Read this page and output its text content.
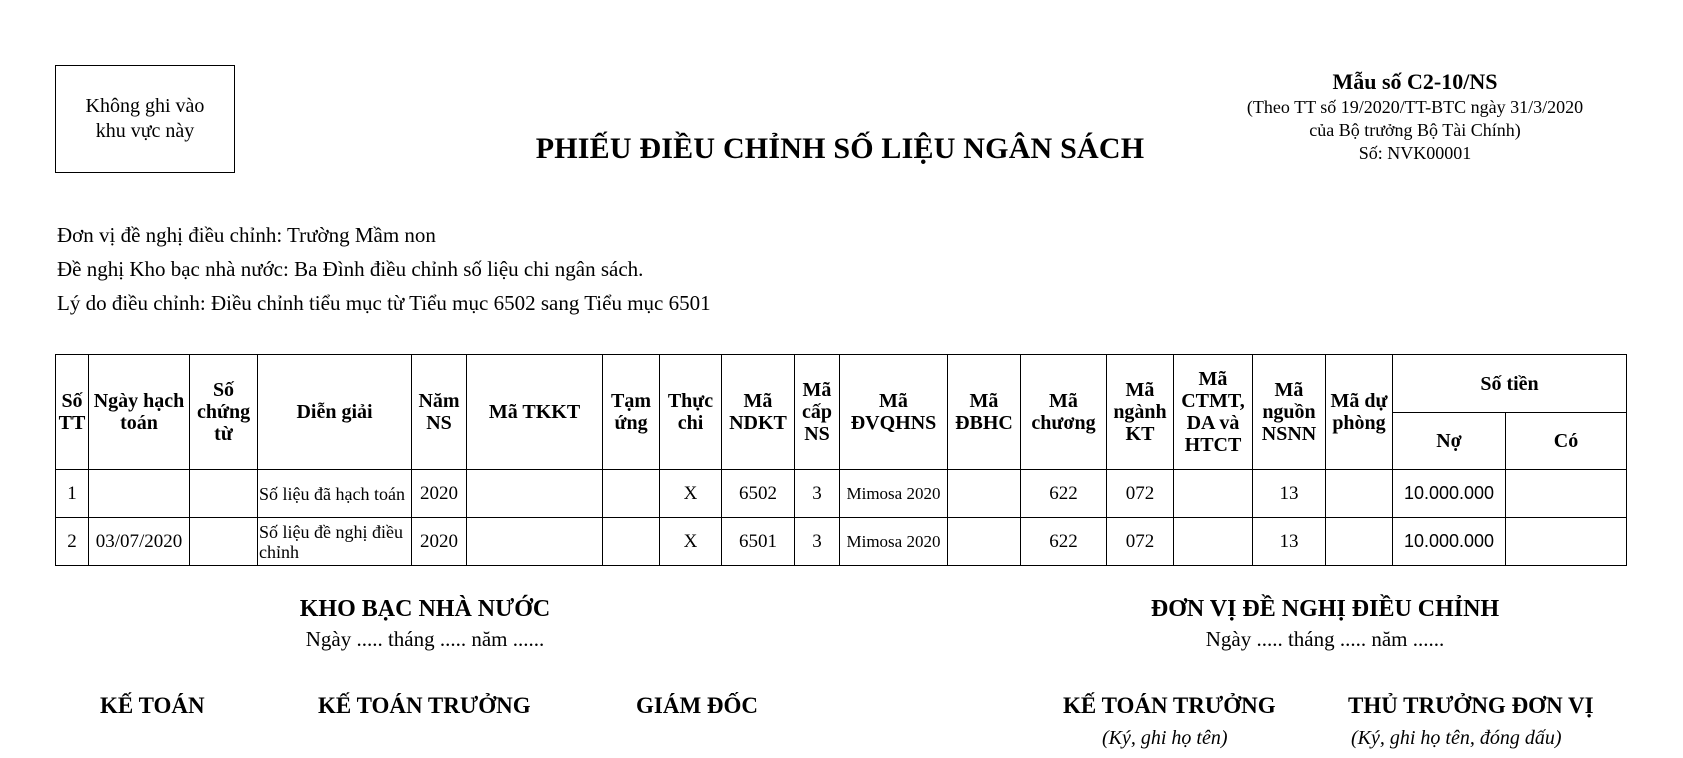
Không ghi vào
khu vực này
PHIẾU ĐIỀU CHỈNH SỐ LIỆU NGÂN SÁCH
Mẫu số C2-10/NS
(Theo TT số 19/2020/TT-BTC ngày 31/3/2020
của Bộ trưởng Bộ Tài Chính)
Số: NVK00001
Đơn vị đề nghị điều chỉnh: Trường Mầm non
Đề nghị Kho bạc nhà nước: Ba Đình điều chỉnh số liệu chi ngân sách.
Lý do điều chỉnh: Điều chỉnh tiểu mục từ Tiểu mục 6502 sang Tiểu mục 6501
Số TT	Ngày hạch toán	Số chứng từ	Diễn giải	Năm NS	Mã TKKT	Tạm ứng	Thực chi	Mã NDKT	Mã cấp NS	Mã ĐVQHNS	Mã ĐBHC	Mã chương	Mã ngành KT	Mã CTMT, DA và HTCT	Mã nguồn NSNN	Mã dự phòng	Số tiền	
																	Nợ	Có
1			Số liệu đã hạch toán	2020			X	6502	3	Mimosa 2020		622	072		13		10.000.000	
2	03/07/2020		Số liệu đề nghị điều chỉnh	2020			X	6501	3	Mimosa 2020		622	072		13		10.000.000	
KHO BẠC NHÀ NƯỚC
Ngày ..... tháng ..... năm ......
ĐƠN VỊ ĐỀ NGHỊ ĐIỀU CHỈNH
Ngày ..... tháng ..... năm ......
KẾ TOÁN	KẾ TOÁN TRƯỞNG	GIÁM ĐỐC	KẾ TOÁN TRƯỞNG	THỦ TRƯỞNG ĐƠN VỊ
(Ký, ghi họ tên)	(Ký, ghi họ tên, đóng dấu)
